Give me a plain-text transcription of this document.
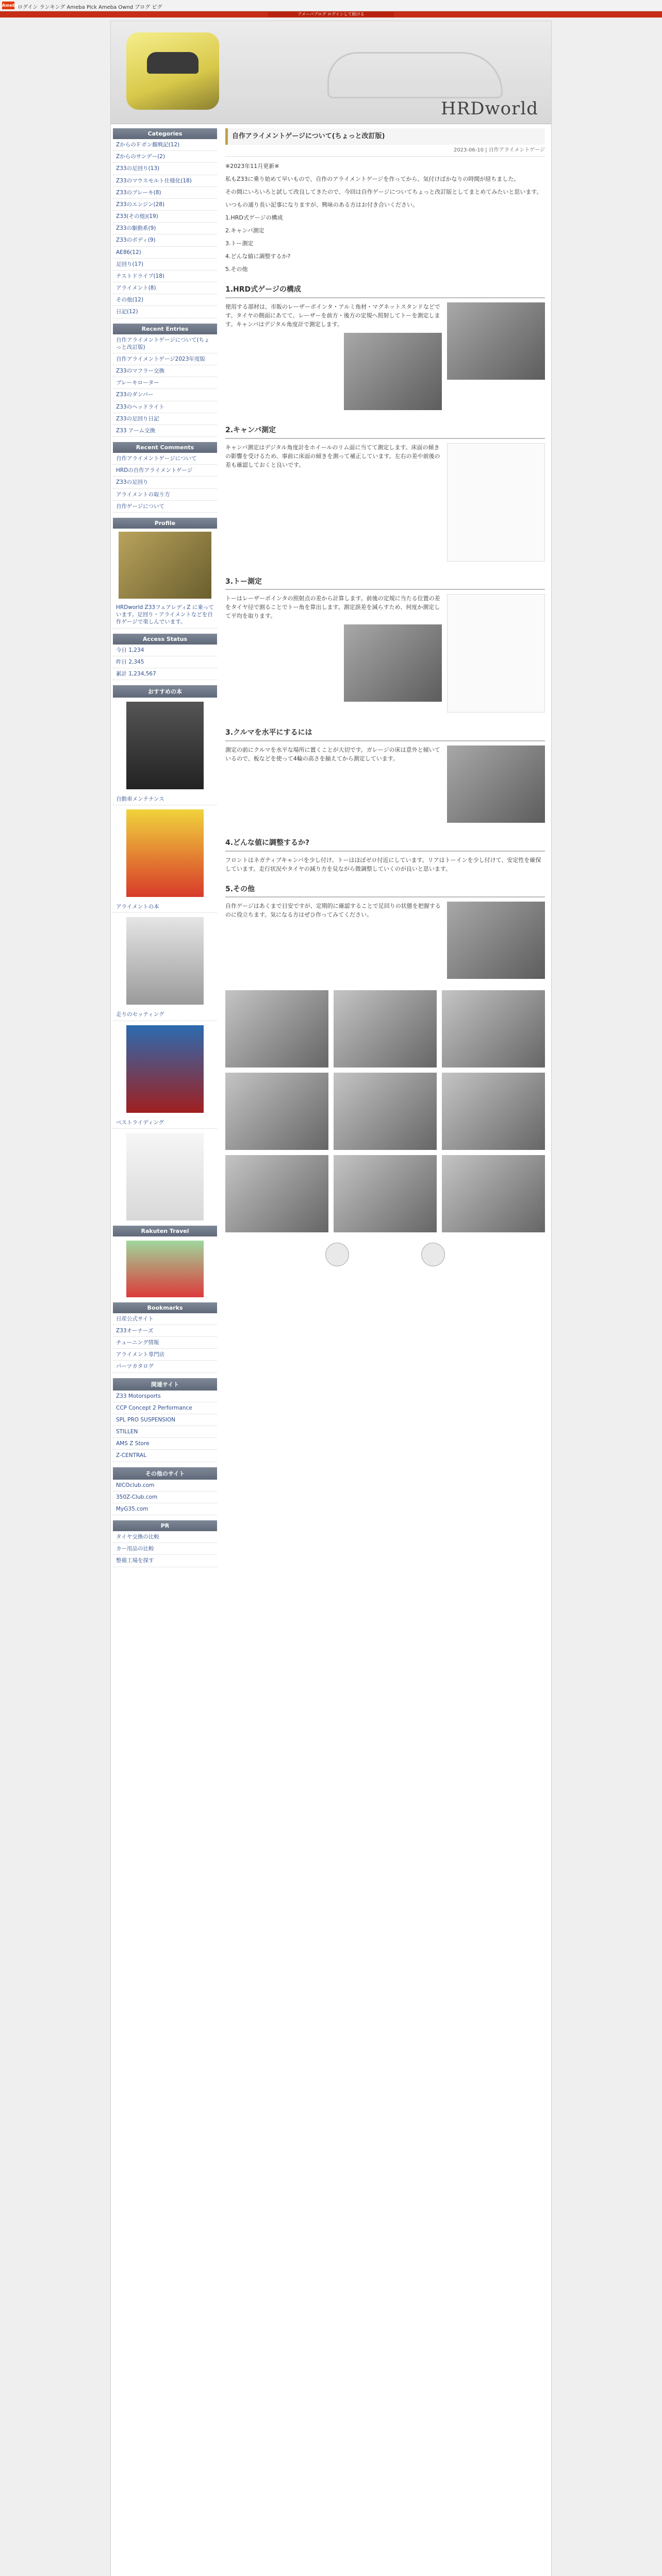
Ameba
ログイン ランキング Ameba Pick Ameba Ownd ブログ ピグ
アメーバブログ ログインして続ける
HRDworld
Categories
ZからのＦポン観戦記(12)
Zからのサンデー(2)
Z33の足回り(13)
Z33のマウスモルト仕様化(18)
Z33のブレーキ(8)
Z33のエンジン(28)
Z33(その他)(19)
Z33の駆動系(9)
Z33のボディ(9)
AE86(12)
足回り(17)
テストドライブ(18)
アライメント(8)
その他(12)
日記(12)
Recent Entries
自作アライメントゲージについて(ちょっと改訂版)
自作アライメントゲージ2023年度版
Z33のマフラー交換
ブレーキローター
Z33のダンパー
Z33のヘッドライト
Z33の足回り日記
Z33 アーム交換
Recent Comments
自作アライメントゲージについて
HRDの自作アライメントゲージ
Z33の足回り
アライメントの取り方
自作ゲージについて
Profile
HRDworld Z33フェアレディZ に乗っています。足回り・アライメントなどを自作ゲージで楽しんでいます。
Access Status
今日 1,234
昨日 2,345
累計 1,234,567
おすすめの本
自動車メンテナンス
アライメントの本
走りのセッティング
ベストライディング
Rakuten Travel
Bookmarks
日産公式サイト
Z33オーナーズ
チューニング情報
アライメント専門店
パーツカタログ
関連サイト
Z33 Motorsports
CCP Concept 2 Performance
SPL PRO SUSPENSION
STILLEN
AMS Z Store
Z-CENTRAL
その他のサイト
NICOclub.com
350Z-Club.com
MyG35.com
PR
タイヤ交換の比較
カー用品の比較
整備工場を探す
自作アライメントゲージについて(ちょっと改訂版)
2023-06-10 | 自作アライメントゲージ
※2023年11月更新※
私もZ33に乗り始めて早いもので、自作のアライメントゲージを作ってから、気付けばかなりの時間が経ちました。
その間にいろいろと試して改良してきたので、今回は自作ゲージについてちょっと改訂版としてまとめてみたいと思います。
いつもの通り長い記事になりますが、興味のある方はお付き合いください。
1.HRD式ゲージの構成
2.キャンバ測定
3.トー測定
4.どんな値に調整するか?
5.その他
1.HRD式ゲージの構成
使用する部材は、市販のレーザーポインタ・アルミ角材・マグネットスタンドなどです。タイヤの側面にあてて、レーザーを前方・後方の定規へ照射してトーを測定します。キャンバはデジタル角度計で測定します。
2.キャンバ測定
キャンバ測定はデジタル角度計をホイールのリム面に当てて測定します。床面の傾きの影響を受けるため、事前に床面の傾きを測って補正しています。左右の差や前後の差も確認しておくと良いです。
3.トー測定
トーはレーザーポインタの照射点の差から計算します。前後の定規に当たる位置の差をタイヤ径で割ることでトー角を算出します。測定誤差を減らすため、何度か測定して平均を取ります。
3.クルマを水平にするには
測定の前にクルマを水平な場所に置くことが大切です。ガレージの床は意外と傾いているので、板などを使って4輪の高さを揃えてから測定しています。
4.どんな値に調整するか?
フロントはネガティブキャンバを少し付け、トーはほぼゼロ付近にしています。リアはトーインを少し付けて、安定性を確保しています。走行状況やタイヤの減り方を見ながら微調整していくのが良いと思います。
5.その他
自作ゲージはあくまで目安ですが、定期的に確認することで足回りの状態を把握するのに役立ちます。気になる方はぜひ作ってみてください。
